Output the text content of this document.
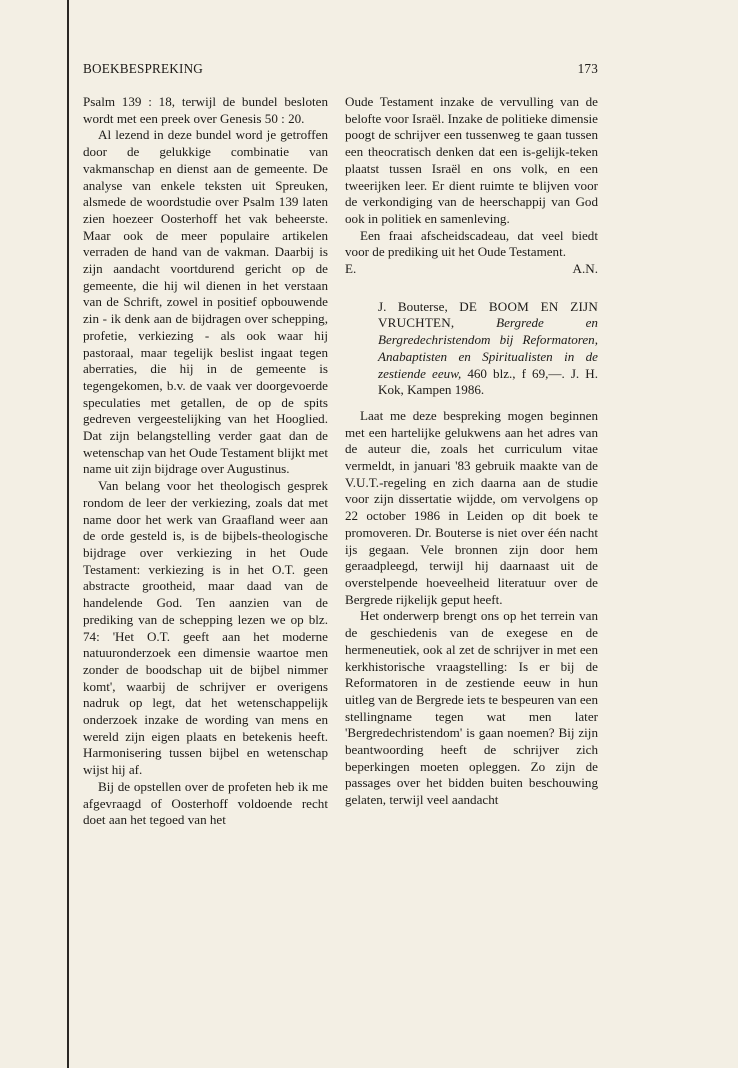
BOEKBESPREKING	173

Psalm 139 : 18, terwijl de bundel besloten wordt met een preek over Genesis 50 : 20.

Al lezend in deze bundel word je getroffen door de gelukkige combinatie van vakmanschap en dienst aan de gemeente. De analyse van enkele teksten uit Spreuken, alsmede de woordstudie over Psalm 139 laten zien hoezeer Oosterhoff het vak beheerste. Maar ook de meer populaire artikelen verraden de hand van de vakman. Daarbij is zijn aandacht voortdurend gericht op de gemeente, die hij wil dienen in het verstaan van de Schrift, zowel in positief opbouwende zin - ik denk aan de bijdragen over schepping, profetie, verkiezing - als ook waar hij pastoraal, maar tegelijk beslist ingaat tegen aberraties, die hij in de gemeente is tegengekomen, b.v. de vaak ver doorgevoerde speculaties met getallen, de op de spits gedreven vergeestelijking van het Hooglied. Dat zijn belangstelling verder gaat dan de wetenschap van het Oude Testament blijkt met name uit zijn bijdrage over Augustinus.

Van belang voor het theologisch gesprek rondom de leer der verkiezing, zoals dat met name door het werk van Graafland weer aan de orde gesteld is, is de bijbels-theologische bijdrage over verkiezing in het Oude Testament: verkiezing is in het O.T. geen abstracte grootheid, maar daad van de handelende God. Ten aanzien van de prediking van de schepping lezen we op blz. 74: 'Het O.T. geeft aan het moderne natuuronderzoek een dimensie waartoe men zonder de boodschap uit de bijbel nimmer komt', waarbij de schrijver er overigens nadruk op legt, dat het wetenschappelijk onderzoek inzake de wording van mens en wereld zijn eigen plaats en betekenis heeft. Harmonisering tussen bijbel en wetenschap wijst hij af.

Bij de opstellen over de profeten heb ik me afgevraagd of Oosterhoff voldoende recht doet aan het tegoed van het

Oude Testament inzake de vervulling van de belofte voor Israël. Inzake de politieke dimensie poogt de schrijver een tussenweg te gaan tussen een theocratisch denken dat een is-gelijk-teken plaatst tussen Israël en ons volk, en een tweerijken leer. Er dient ruimte te blijven voor de verkondiging van de heerschappij van God ook in politiek en samenleving.

Een fraai afscheidscadeau, dat veel biedt voor de prediking uit het Oude Testament.

E.	A.N.

J. Bouterse, DE BOOM EN ZIJN VRUCHTEN,	Bergrede en Bergredechristendom bij Reformatoren, Anabaptisten en Spiritualisten in de zestiende eeuw, 460 blz., f 69,—. J. H. Kok, Kampen 1986.

Laat me deze bespreking mogen beginnen met een hartelijke gelukwens aan het adres van de auteur die, zoals het curriculum vitae vermeldt, in januari '83 gebruik maakte van de V.U.T.-regeling en zich daarna aan de studie voor zijn dissertatie wijdde, om vervolgens op 22 october 1986 in Leiden op dit boek te promoveren. Dr. Bouterse is niet over één nacht ijs gegaan. Vele bronnen zijn door hem geraadpleegd, terwijl hij daarnaast uit de overstelpende hoeveelheid literatuur over de Bergrede rijkelijk geput heeft.

Het onderwerp brengt ons op het terrein van de geschiedenis van de exegese en de hermeneutiek, ook al zet de schrijver in met een kerkhistorische vraagstelling: Is er bij de Reformatoren in de zestiende eeuw in hun uitleg van de Bergrede iets te bespeuren van een stellingname tegen wat men later 'Bergredechristendom' is gaan noemen? Bij zijn beantwoording heeft de schrijver zich beperkingen moeten opleggen. Zo zijn de passages over het bidden buiten beschouwing gelaten, terwijl veel aandacht
